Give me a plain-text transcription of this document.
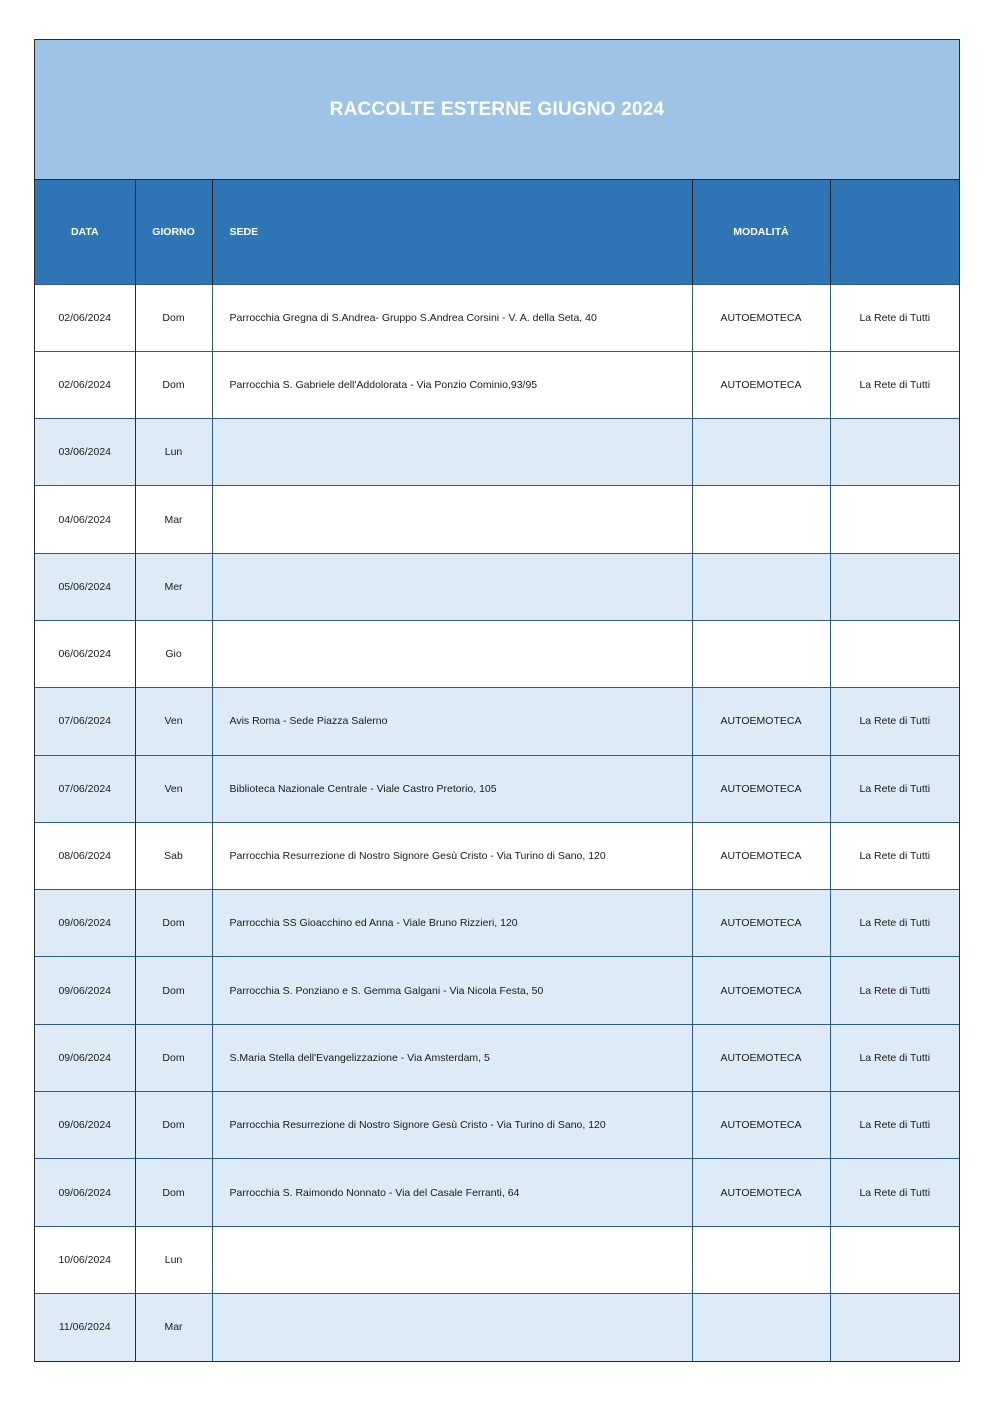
RACCOLTE ESTERNE GIUGNO 2024
DATA	GIORNO	SEDE	MODALITÀ	
02/06/2024	Dom	Parrocchia Gregna di S.Andrea- Gruppo S.Andrea Corsini - V. A. della Seta, 40	AUTOEMOTECA	La Rete di Tutti
02/06/2024	Dom	Parrocchia S. Gabriele dell'Addolorata - Via Ponzio Cominio,93/95	AUTOEMOTECA	La Rete di Tutti
03/06/2024	Lun			
04/06/2024	Mar			
05/06/2024	Mer			
06/06/2024	Gio			
07/06/2024	Ven	Avis Roma - Sede Piazza Salerno	AUTOEMOTECA	La Rete di Tutti
07/06/2024	Ven	Biblioteca Nazionale Centrale - Viale Castro Pretorio, 105	AUTOEMOTECA	La Rete di Tutti
08/06/2024	Sab	Parrocchia Resurrezione di Nostro Signore Gesù Cristo - Via Turino di Sano, 120	AUTOEMOTECA	La Rete di Tutti
09/06/2024	Dom	Parrocchia SS Gioacchino ed Anna - Viale Bruno Rizzieri, 120	AUTOEMOTECA	La Rete di Tutti
09/06/2024	Dom	Parrocchia S. Ponziano e S. Gemma Galgani - Via Nicola Festa, 50	AUTOEMOTECA	La Rete di Tutti
09/06/2024	Dom	S.Maria Stella dell'Evangelizzazione - Via Amsterdam, 5	AUTOEMOTECA	La Rete di Tutti
09/06/2024	Dom	Parrocchia Resurrezione di Nostro Signore Gesù Cristo - Via Turino di Sano, 120	AUTOEMOTECA	La Rete di Tutti
09/06/2024	Dom	Parrocchia S. Raimondo Nonnato - Via del Casale Ferranti, 64	AUTOEMOTECA	La Rete di Tutti
10/06/2024	Lun			
11/06/2024	Mar			
